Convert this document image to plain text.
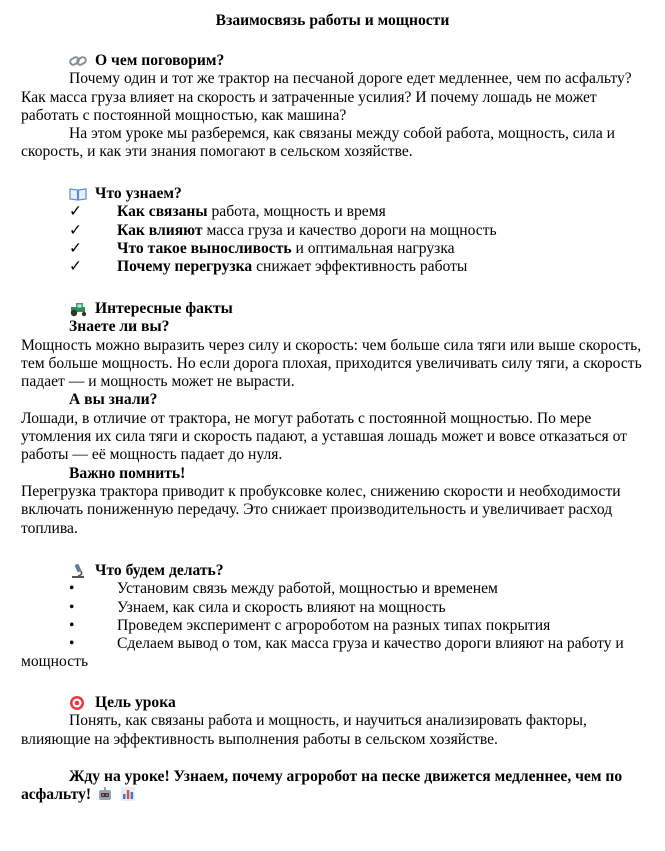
Взаимосвязь работы и мощности
О чем поговорим?

Почему один и тот же трактор на песчаной дороге едет медленнее, чем по асфальту? Как масса груза влияет на скорость и затраченные усилия? И почему лошадь не может работать с постоянной мощностью, как машина?

На этом уроке мы разберемся, как связаны между собой работа, мощность, сила и скорость, и как эти знания помогают в сельском хозяйстве.

Что узнаем?
✓ Как связаны работа, мощность и время
✓ Как влияют масса груза и качество дороги на мощность
✓ Что такое выносливость и оптимальная нагрузка
✓ Почему перегрузка снижает эффективность работы
Интересные факты
Знаете ли вы?

Мощность можно выразить через силу и скорость: чем больше сила тяги или выше скорость, тем больше мощность. Но если дорога плохая, приходится увеличивать силу тяги, а скорость падает — и мощность может не вырасти.

А вы знали?

Лошади, в отличие от трактора, не могут работать с постоянной мощностью. По мере утомления их сила тяги и скорость падают, а уставшая лошадь может и вовсе отказаться от работы — её мощность падает до нуля.

Важно помнить!

Перегрузка трактора приводит к пробуксовке колес, снижению скорости и необходимости включать пониженную передачу. Это снижает производительность и увеличивает расход топлива.

Что будем делать?
•	Установим связь между работой, мощностью и временем
•	Узнаем, как сила и скорость влияют на мощность
•	Проведем эксперимент с агророботом на разных типах покрытия
•	Сделаем вывод о том, как масса груза и качество дороги влияют на работу и
мощность
Цель урока

Понять, как связаны работа и мощность, и научиться анализировать факторы, влияющие на эффективность выполнения работы в сельском хозяйстве.

Жду на уроке! Узнаем, почему агроробот на песке движется медленнее, чем по асфальту!
